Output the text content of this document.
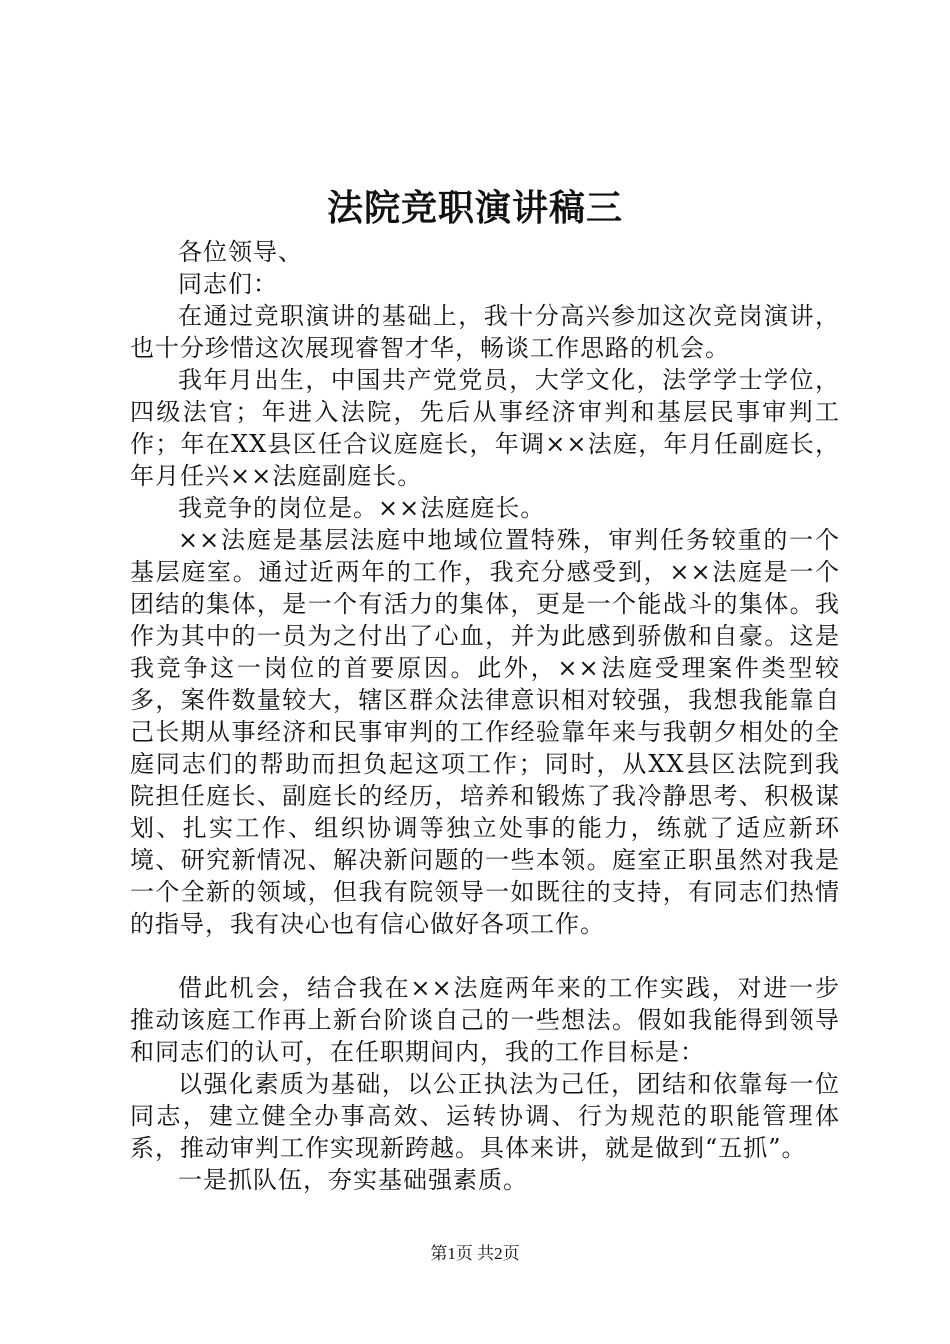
法院竞职演讲稿三

各位领导、

同志们：

在通过竞职演讲的基础上，我十分高兴参加这次竞岗演讲，也十分珍惜这次展现睿智才华，畅谈工作思路的机会。

我年月出生，中国共产党党员，大学文化，法学学士学位，四级法官；年进入法院，先后从事经济审判和基层民事审判工作；年在XX县区任合议庭庭长，年调××法庭，年月任副庭长，年月任兴××法庭副庭长。

我竞争的岗位是。××法庭庭长。

××法庭是基层法庭中地域位置特殊，审判任务较重的一个基层庭室。通过近两年的工作，我充分感受到，××法庭是一个团结的集体，是一个有活力的集体，更是一个能战斗的集体。我作为其中的一员为之付出了心血，并为此感到骄傲和自豪。这是我竞争这一岗位的首要原因。此外，××法庭受理案件类型较多，案件数量较大，辖区群众法律意识相对较强，我想我能靠自己长期从事经济和民事审判的工作经验靠年来与我朝夕相处的全庭同志们的帮助而担负起这项工作；同时，从XX县区法院到我院担任庭长、副庭长的经历，培养和锻炼了我冷静思考、积极谋划、扎实工作、组织协调等独立处事的能力，练就了适应新环境、研究新情况、解决新问题的一些本领。庭室正职虽然对我是一个全新的领域，但我有院领导一如既往的支持，有同志们热情的指导，我有决心也有信心做好各项工作。

借此机会，结合我在××法庭两年来的工作实践，对进一步推动该庭工作再上新台阶谈自己的一些想法。假如我能得到领导和同志们的认可，在任职期间内，我的工作目标是：

以强化素质为基础，以公正执法为己任，团结和依靠每一位同志，建立健全办事高效、运转协调、行为规范的职能管理体系，推动审判工作实现新跨越。具体来讲，就是做到“五抓”。

一是抓队伍，夯实基础强素质。

第1页 共2页
